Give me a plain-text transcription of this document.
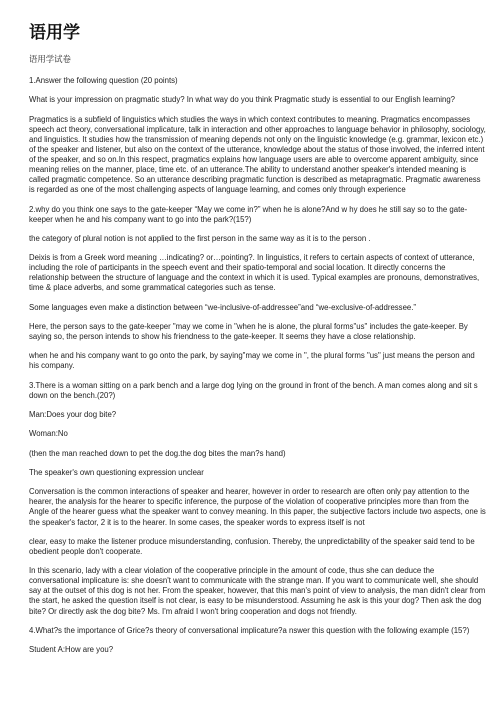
语用学
语用学试卷

1.Answer the following question (20 points)

What is your impression on pragmatic study? In what way do you think Pragmatic study is essential to our English learning?

Pragmatics is a subfield of linguistics which studies the ways in which context contributes to meaning. Pragmatics encompasses speech act theory, conversational implicature, talk in interaction and other approaches to language behavior in philosophy, sociology, and linguistics. It studies how the transmission of meaning depends not only on the linguistic knowledge (e.g. grammar, lexicon etc.) of the speaker and listener, but also on the context of the utterance, knowledge about the status of those involved, the inferred intent of the speaker, and so on.In this respect, pragmatics explains how language users are able to overcome apparent ambiguity, since meaning relies on the manner, place, time etc. of an utterance.The ability to understand another speaker's intended meaning is called pragmatic competence. So an utterance describing pragmatic function is described as metapragmatic. Pragmatic awareness is regarded as one of the most challenging aspects of language learning, and comes only through experience

2.why do you think one says to the gate-keeper “May we come in?” when he is alone?And w hy does he still say so to the gate-keeper when he and his company want to go into the park?(15?)

the category of plural notion is not applied to the first person in the same way as it is to the person .

Deixis is from a Greek word meaning …indicating? or…pointing?. In linguistics, it refers to certain aspects of context of utterance, including the role of participants in the speech event and their spatio-temporal and social location. It directly concerns the relationship between the structure of language and the context in which it is used. Typical examples are pronouns, demonstratives, time & place adverbs, and some grammatical categories such as tense.

Some languages even make a distinction between “we-inclusive-of-addressee”and “we-exclusive-of-addressee.”

Here, the person says to the gate-keeper "may we come in "when he is alone, the plural forms"us" includes the gate-keeper. By saying so, the person intends to show his friendness to the gate-keeper. It seems they have a close relationship.

when he and his company want to go onto the park, by saying"may we come in ", the plural forms "us" just means the person and his company.

3.There is a woman sitting on a park bench and a large dog lying on the ground in front of the bench. A man comes along and sit s down on the bench.(20?)

Man:Does your dog bite?

Woman:No

(then the man reached down to pet the dog.the dog bites the man?s hand)

The speaker's own questioning expression unclear

Conversation is the common interactions of speaker and hearer, however in order to research are often only pay attention to the hearer, the analysis for the hearer to specific inference, the purpose of the violation of cooperative principles more than from the Angle of the hearer guess what the speaker want to convey meaning. In this paper, the subjective factors include two aspects, one is the speaker's factor, 2 it is to the hearer. In some cases, the speaker words to express itself is not

clear, easy to make the listener produce misunderstanding, confusion. Thereby, the unpredictability of the speaker said tend to be obedient people don't cooperate.

In this scenario, lady with a clear violation of the cooperative principle in the amount of code, thus she can deduce the conversational implicature is: she doesn't want to communicate with the strange man. If you want to communicate well, she should say at the outset of this dog is not her. From the speaker, however, that this man's point of view to analysis, the man didn't clear from the start, he asked the question itself is not clear, is easy to be misunderstood. Assuming he ask is this your dog? Then ask the dog bite? Or directly ask the dog bite? Ms. I'm afraid I won't bring cooperation and dogs not friendly.

4.What?s the importance of Grice?s theory of conversational implicature?a nswer this question with the following example (15?)

Student A:How are you?
